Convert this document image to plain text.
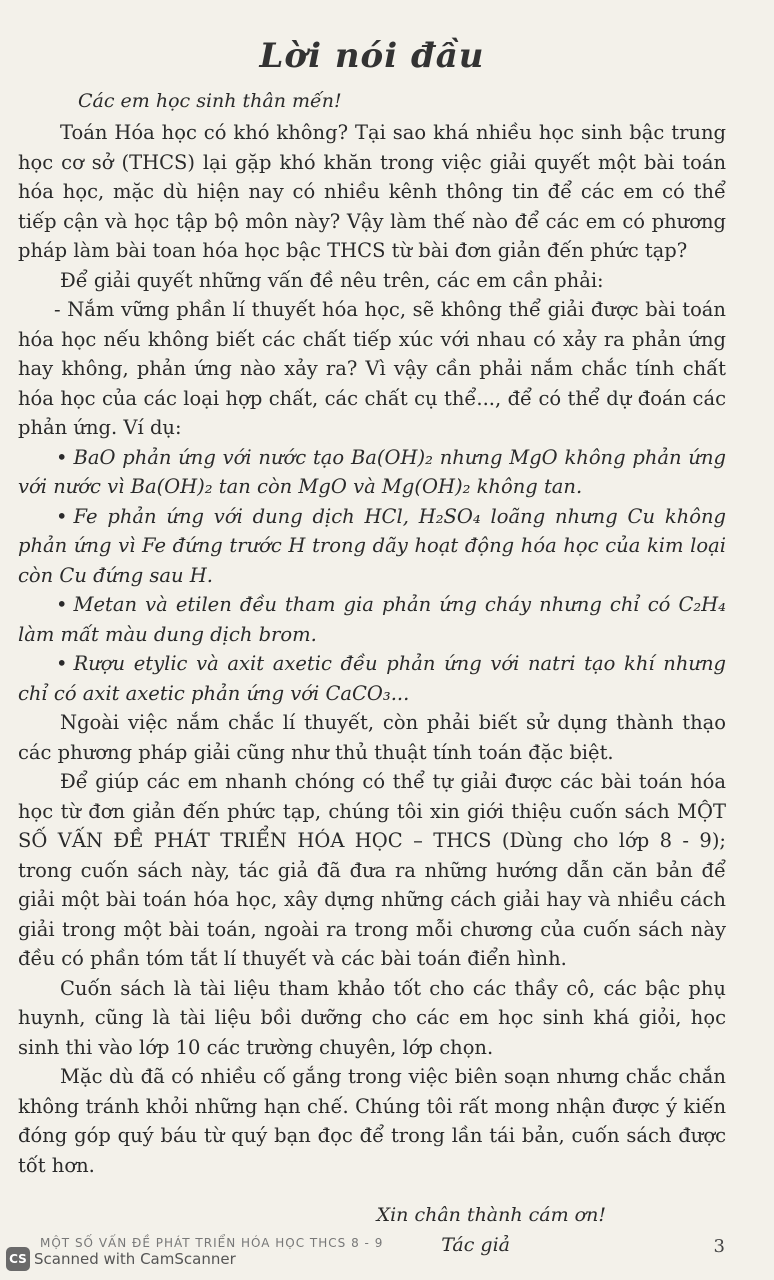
Lời nói đầu
Các em học sinh thân mến!

Toán Hóa học có khó không? Tại sao khá nhiều học sinh bậc trung học cơ sở (THCS) lại gặp khó khăn trong việc giải quyết một bài toán hóa học, mặc dù hiện nay có nhiều kênh thông tin để các em có thể tiếp cận và học tập bộ môn này? Vậy làm thế nào để các em có phương pháp làm bài toan hóa học bậc THCS từ bài đơn giản đến phức tạp?

Để giải quyết những vấn đề nêu trên, các em cần phải:

- Nắm vững phần lí thuyết hóa học, sẽ không thể giải được bài toán hóa học nếu không biết các chất tiếp xúc với nhau có xảy ra phản ứng hay không, phản ứng nào xảy ra? Vì vậy cần phải nắm chắc tính chất hóa học của các loại hợp chất, các chất cụ thể..., để có thể dự đoán các phản ứng. Ví dụ:

• BaO phản ứng với nước tạo Ba(OH)₂ nhưng MgO không phản ứng với nước vì Ba(OH)₂ tan còn MgO và Mg(OH)₂ không tan.

• Fe phản ứng với dung dịch HCl, H₂SO₄ loãng nhưng Cu không phản ứng vì Fe đứng trước H trong dãy hoạt động hóa học của kim loại còn Cu đứng sau H.

• Metan và etilen đều tham gia phản ứng cháy nhưng chỉ có C₂H₄ làm mất màu dung dịch brom.

• Rượu etylic và axit axetic đều phản ứng với natri tạo khí nhưng chỉ có axit axetic phản ứng với CaCO₃...

Ngoài việc nắm chắc lí thuyết, còn phải biết sử dụng thành thạo các phương pháp giải cũng như thủ thuật tính toán đặc biệt.

Để giúp các em nhanh chóng có thể tự giải được các bài toán hóa học từ đơn giản đến phức tạp, chúng tôi xin giới thiệu cuốn sách MỘT SỐ VẤN ĐỀ PHÁT TRIỂN HÓA HỌC – THCS (Dùng cho lớp 8 - 9); trong cuốn sách này, tác giả đã đưa ra những hướng dẫn căn bản để giải một bài toán hóa học, xây dựng những cách giải hay và nhiều cách giải trong một bài toán, ngoài ra trong mỗi chương của cuốn sách này đều có phần tóm tắt lí thuyết và các bài toán điển hình.

Cuốn sách là tài liệu tham khảo tốt cho các thầy cô, các bậc phụ huynh, cũng là tài liệu bồi dưỡng cho các em học sinh khá giỏi, học sinh thi vào lớp 10 các trường chuyên, lớp chọn.

Mặc dù đã có nhiều cố gắng trong việc biên soạn nhưng chắc chắn không tránh khỏi những hạn chế. Chúng tôi rất mong nhận được ý kiến đóng góp quý báu từ quý bạn đọc để trong lần tái bản, cuốn sách được tốt hơn.

Xin chân thành cám ơn!
Tác giả
MỘT SỐ VẤN ĐỀ PHÁT TRIỂN HÓA HỌC THCS 8 - 9	3
CS Scanned with CamScanner
